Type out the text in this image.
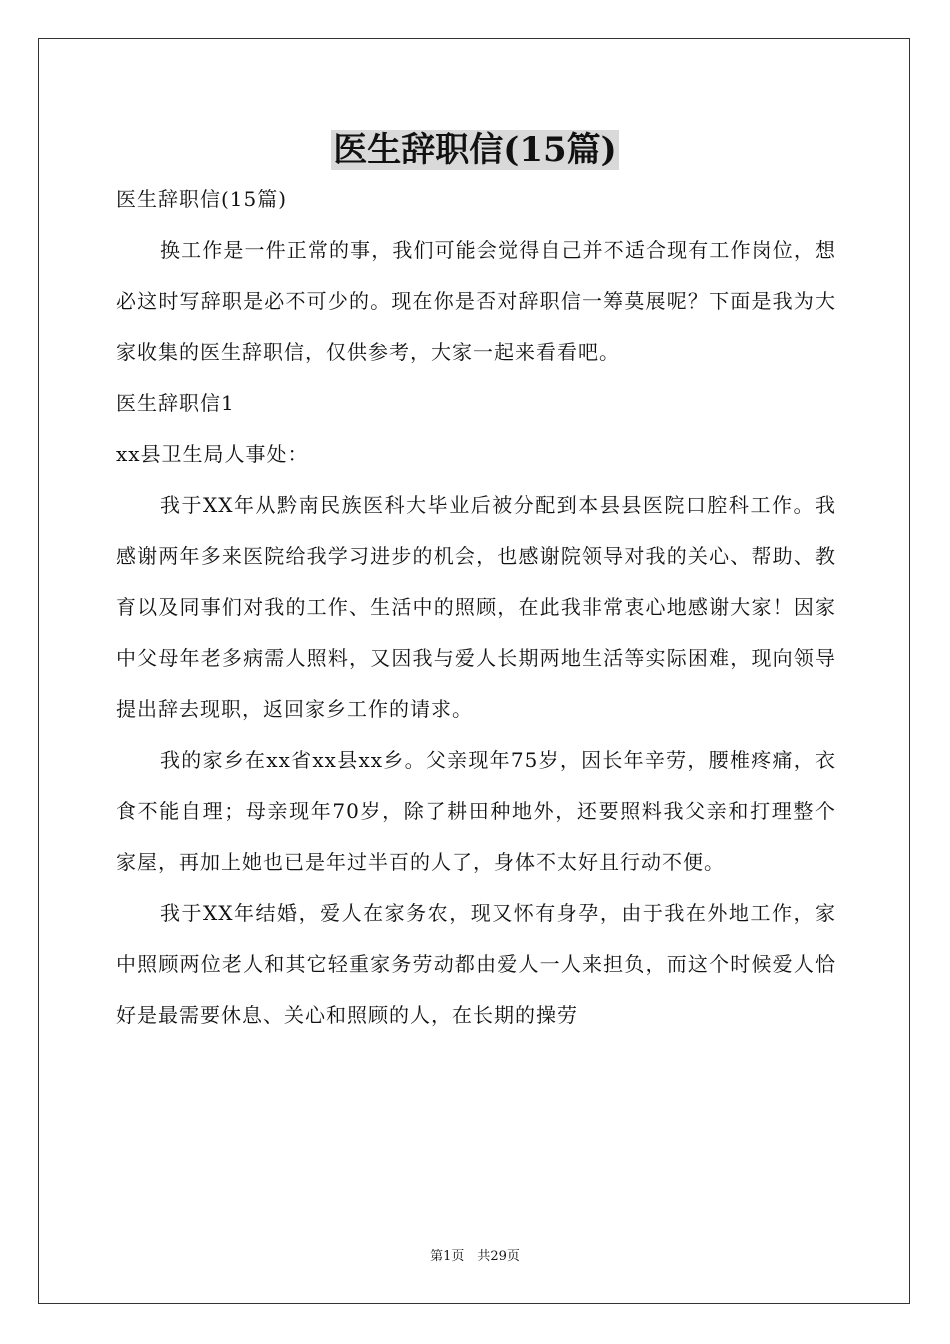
医生辞职信(15篇)

医生辞职信(15篇)

换工作是一件正常的事，我们可能会觉得自己并不适合现有工作岗位，想必这时写辞职是必不可少的。现在你是否对辞职信一筹莫展呢？下面是我为大家收集的医生辞职信，仅供参考，大家一起来看看吧。

医生辞职信1

xx县卫生局人事处：

我于XX年从黔南民族医科大毕业后被分配到本县县医院口腔科工作。我感谢两年多来医院给我学习进步的机会，也感谢院领导对我的关心、帮助、教育以及同事们对我的工作、生活中的照顾，在此我非常衷心地感谢大家！因家中父母年老多病需人照料，又因我与爱人长期两地生活等实际困难，现向领导提出辞去现职，返回家乡工作的请求。

我的家乡在xx省xx县xx乡。父亲现年75岁，因长年辛劳，腰椎疼痛，衣食不能自理；母亲现年70岁，除了耕田种地外，还要照料我父亲和打理整个家屋，再加上她也已是年过半百的人了，身体不太好且行动不便。

我于XX年结婚，爱人在家务农，现又怀有身孕，由于我在外地工作，家中照顾两位老人和其它轻重家务劳动都由爱人一人来担负，而这个时候爱人恰好是最需要休息、关心和照顾的人，在长期的操劳

第1页　共29页
